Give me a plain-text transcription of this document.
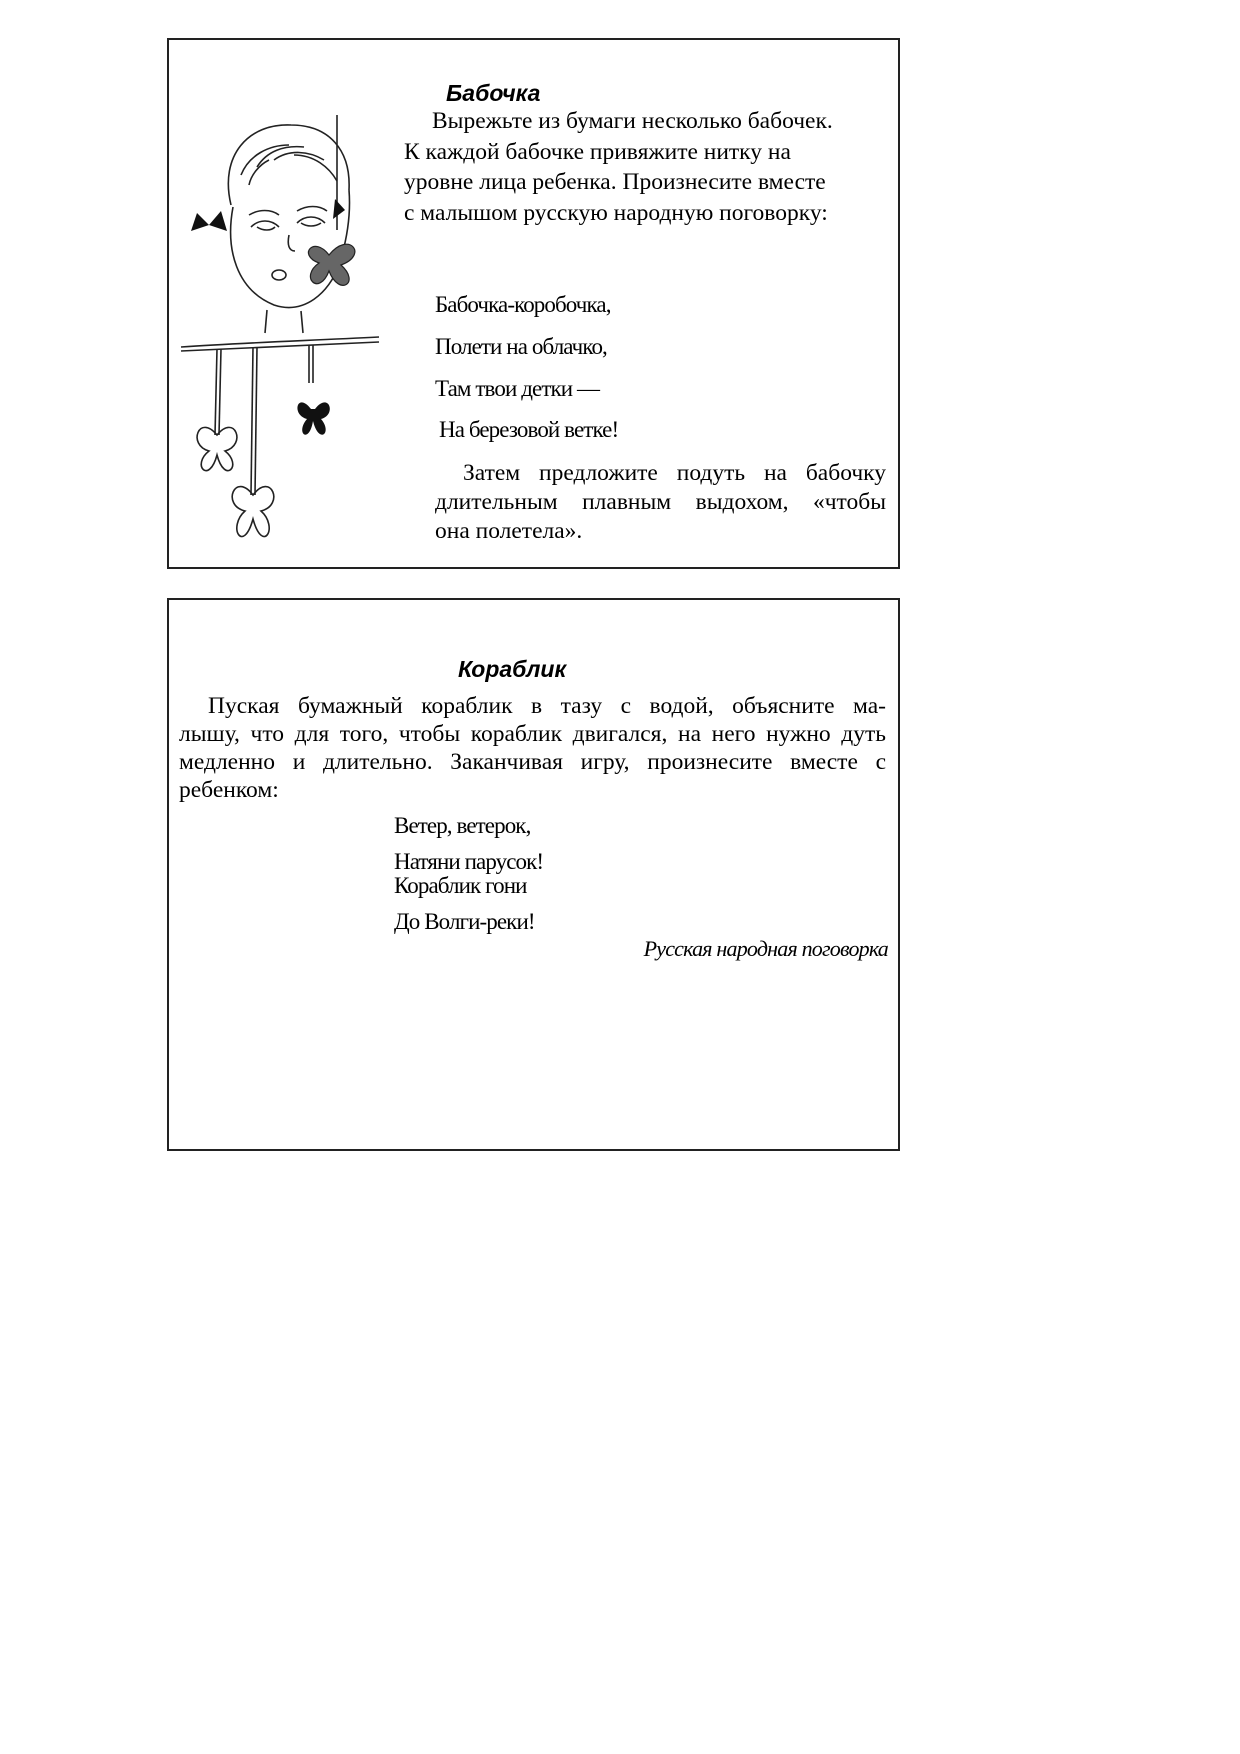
Бабочка
Вырежьте из бумаги несколько бабочек.
К каждой бабочке привяжите нитку на
уровне лица ребенка. Произнесите вместе
с малышом русскую народную поговорку:
Бабочка-коробочка,
Полети на облачко,
Там твои детки —
На березовой ветке!
Затем предложите подуть на бабочку
длительным плавным выдохом, «чтобы
она полетела».
Кораблик
Пуская бумажный кораблик в тазу с водой, объясните ма-
лышу, что для того, чтобы кораблик двигался, на него нужно дуть
медленно и длительно. Заканчивая игру, произнесите вместе с
ребенком:
Ветер, ветерок,
Натяни парусок!
Кораблик гони
До Волги-реки!
Русская народная поговорка
